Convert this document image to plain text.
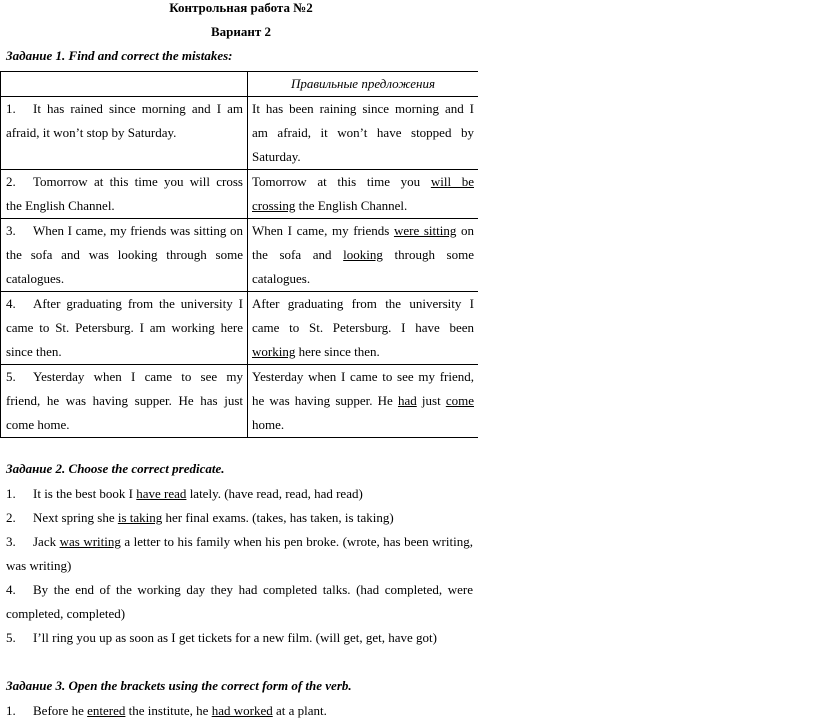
Контрольная работа №2
Вариант 2
Задание 1. Find and correct the mistakes:

	Правильные предложения

1. It has rained since morning and I am afraid, it won’t stop by Saturday.	It has been raining since morning and I am afraid, it won’t have stopped by Saturday.
2. Tomorrow at this time you will cross the English Channel.	Tomorrow at this time you will be crossing the English Channel.
3. When I came, my friends was sitting on the sofa and was looking through some catalogues.	When I came, my friends were sitting on the sofa and looking through some catalogues.
4. After graduating from the university I came to St. Petersburg. I am working here since then.	After graduating from the university I came to St. Petersburg. I have been working here since then.
5. Yesterday when I came to see my friend, he was having supper. He has just come home.	Yesterday when I came to see my friend, he was having supper. He had just come home.
Задание 2. Choose the correct predicate.
1. It is the best book I have read lately. (have read, read, had read)
2. Next spring she is taking her final exams. (takes, has taken, is taking)
3. Jack was writing a letter to his family when his pen broke. (wrote, has been writing, was writing)
4. By the end of the working day they had completed talks. (had completed, were completed, completed)
5. I’ll ring you up as soon as I get tickets for a new film. (will get, get, have got)
Задание 3. Open the brackets using the correct form of the verb.
1. Before he entered the institute, he had worked at a plant.
